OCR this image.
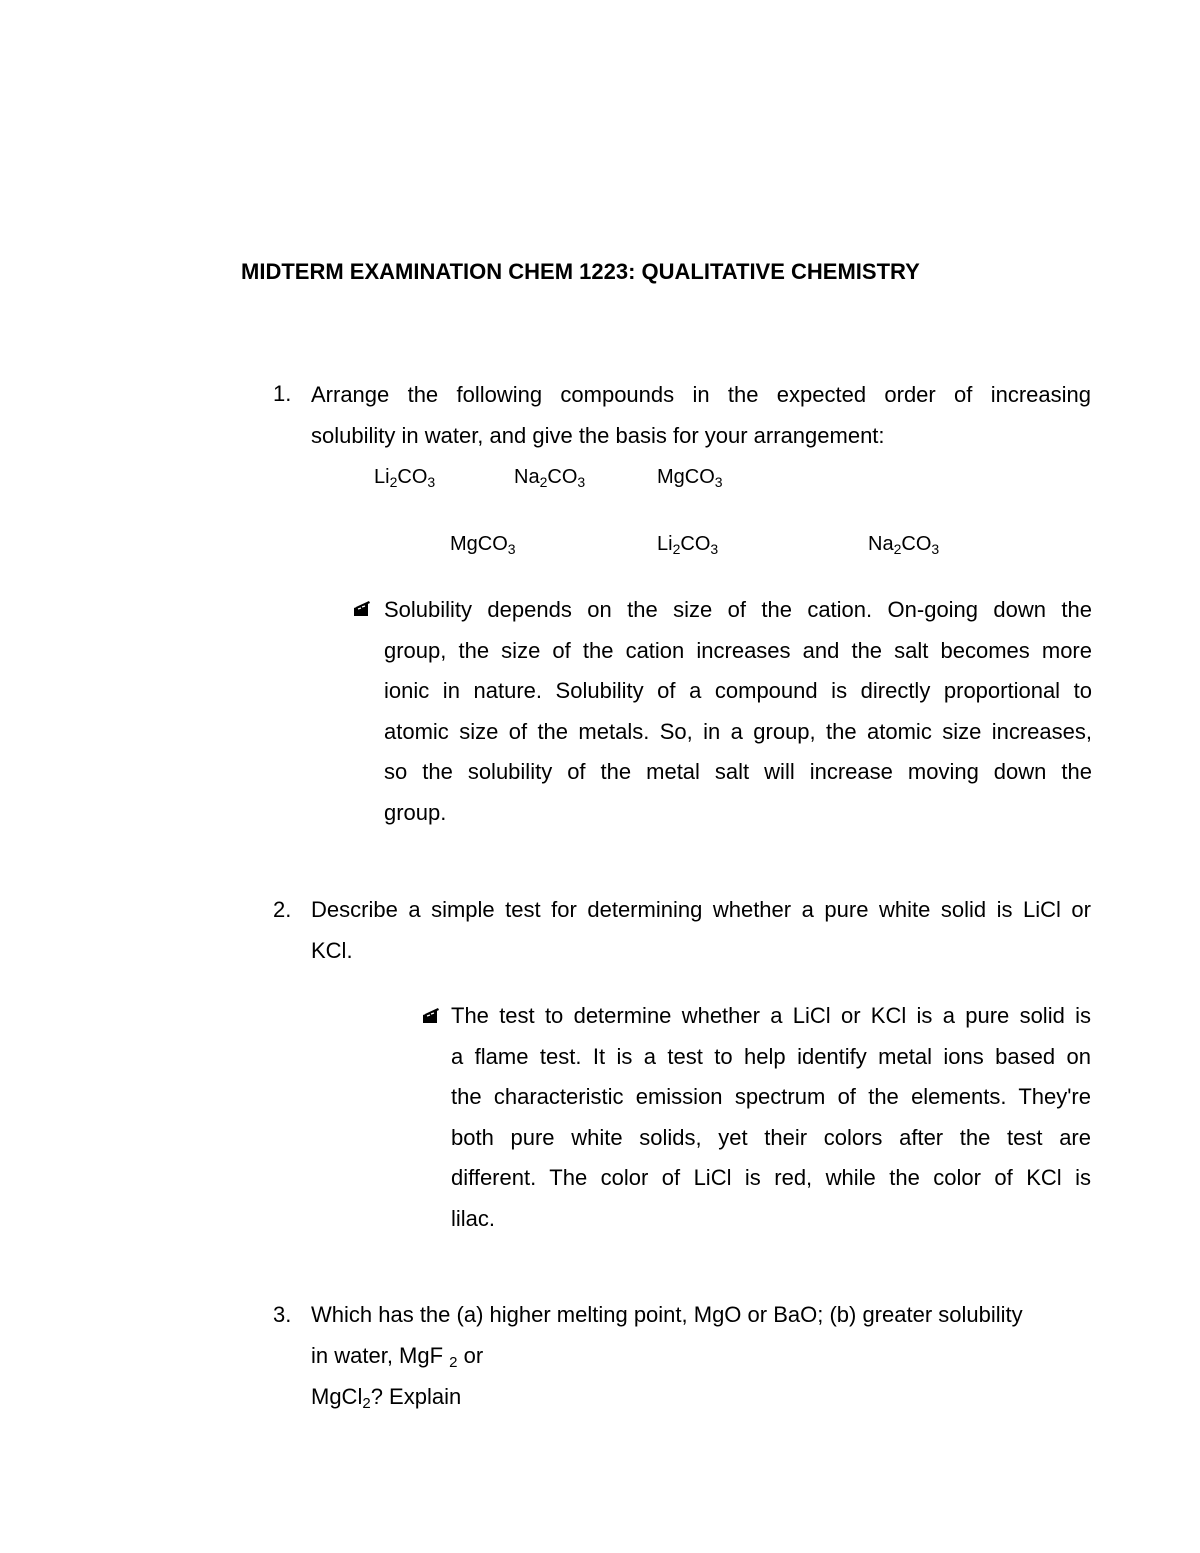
MIDTERM EXAMINATION CHEM 1223: QUALITATIVE CHEMISTRY
1. Arrange the following compounds in the expected order of increasing
solubility in water, and give the basis for your arrangement:
$Li_2CO_3$	$Na_2CO_3$	MgCO$_3$
MgCO$_3$	$Li_2CO_3$	$Na_2CO_3$
Solubility depends on the size of the cation. On-going down the
group, the size of the cation increases and the salt becomes more
ionic in nature. Solubility of a compound is directly proportional to
atomic size of the metals. So, in a group, the atomic size increases,
so the solubility of the metal salt will increase moving down the
group.
2. Describe a simple test for determining whether a pure white solid is LiCl or
KCl.
The test to determine whether a LiCl or KCl is a pure solid is
a flame test. It is a test to help identify metal ions based on
the characteristic emission spectrum of the elements. They're
both pure white solids, yet their colors after the test are
different. The color of LiCl is red, while the color of KCl is
lilac.
3. Which has the (a) higher melting point, MgO or BaO; (b) greater solubility
in water, MgF $_2$ or
MgCl$_2$? Explain
